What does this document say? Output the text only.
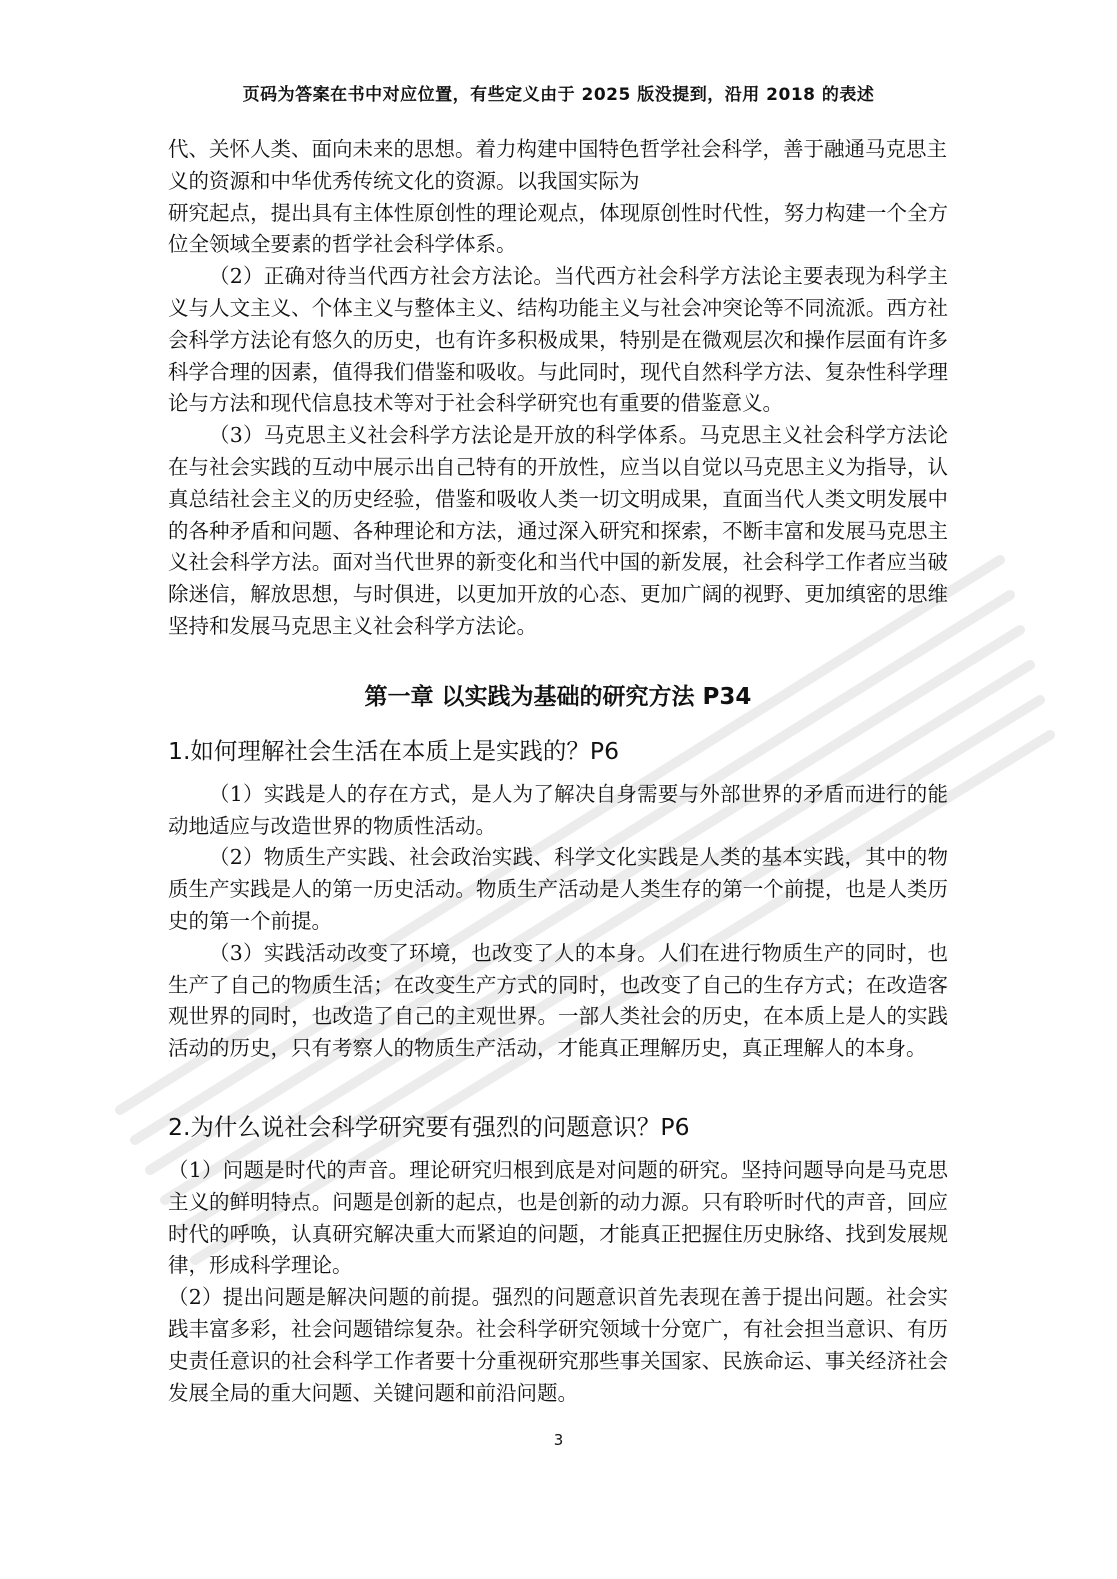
页码为答案在书中对应位置，有些定义由于 2025 版没提到，沿用 2018 的表述

代、关怀人类、面向未来的思想。着力构建中国特色哲学社会科学，善于融通马克思主义的资源和中华优秀传统文化的资源。以我国实际为

研究起点，提出具有主体性原创性的理论观点，体现原创性时代性，努力构建一个全方位全领域全要素的哲学社会科学体系。

（2）正确对待当代西方社会方法论。当代西方社会科学方法论主要表现为科学主义与人文主义、个体主义与整体主义、结构功能主义与社会冲突论等不同流派。西方社会科学方法论有悠久的历史，也有许多积极成果，特别是在微观层次和操作层面有许多科学合理的因素，值得我们借鉴和吸收。与此同时，现代自然科学方法、复杂性科学理论与方法和现代信息技术等对于社会科学研究也有重要的借鉴意义。

（3）马克思主义社会科学方法论是开放的科学体系。马克思主义社会科学方法论在与社会实践的互动中展示出自己特有的开放性，应当以自觉以马克思主义为指导，认真总结社会主义的历史经验，借鉴和吸收人类一切文明成果，直面当代人类文明发展中的各种矛盾和问题、各种理论和方法，通过深入研究和探索，不断丰富和发展马克思主义社会科学方法。面对当代世界的新变化和当代中国的新发展，社会科学工作者应当破除迷信，解放思想，与时俱进，以更加开放的心态、更加广阔的视野、更加缜密的思维坚持和发展马克思主义社会科学方法论。

第一章 以实践为基础的研究方法 P34
1.如何理解社会生活在本质上是实践的？P6

（1）实践是人的存在方式，是人为了解决自身需要与外部世界的矛盾而进行的能动地适应与改造世界的物质性活动。

（2）物质生产实践、社会政治实践、科学文化实践是人类的基本实践，其中的物质生产实践是人的第一历史活动。物质生产活动是人类生存的第一个前提，也是人类历史的第一个前提。

（3）实践活动改变了环境，也改变了人的本身。人们在进行物质生产的同时，也生产了自己的物质生活；在改变生产方式的同时，也改变了自己的生存方式；在改造客观世界的同时，也改造了自己的主观世界。一部人类社会的历史，在本质上是人的实践活动的历史，只有考察人的物质生产活动，才能真正理解历史，真正理解人的本身。

2.为什么说社会科学研究要有强烈的问题意识？P6

（1）问题是时代的声音。理论研究归根到底是对问题的研究。坚持问题导向是马克思主义的鲜明特点。问题是创新的起点，也是创新的动力源。只有聆听时代的声音，回应时代的呼唤，认真研究解决重大而紧迫的问题，才能真正把握住历史脉络、找到发展规律，形成科学理论。

（2）提出问题是解决问题的前提。强烈的问题意识首先表现在善于提出问题。社会实践丰富多彩，社会问题错综复杂。社会科学研究领域十分宽广，有社会担当意识、有历史责任意识的社会科学工作者要十分重视研究那些事关国家、民族命运、事关经济社会发展全局的重大问题、关键问题和前沿问题。

3
